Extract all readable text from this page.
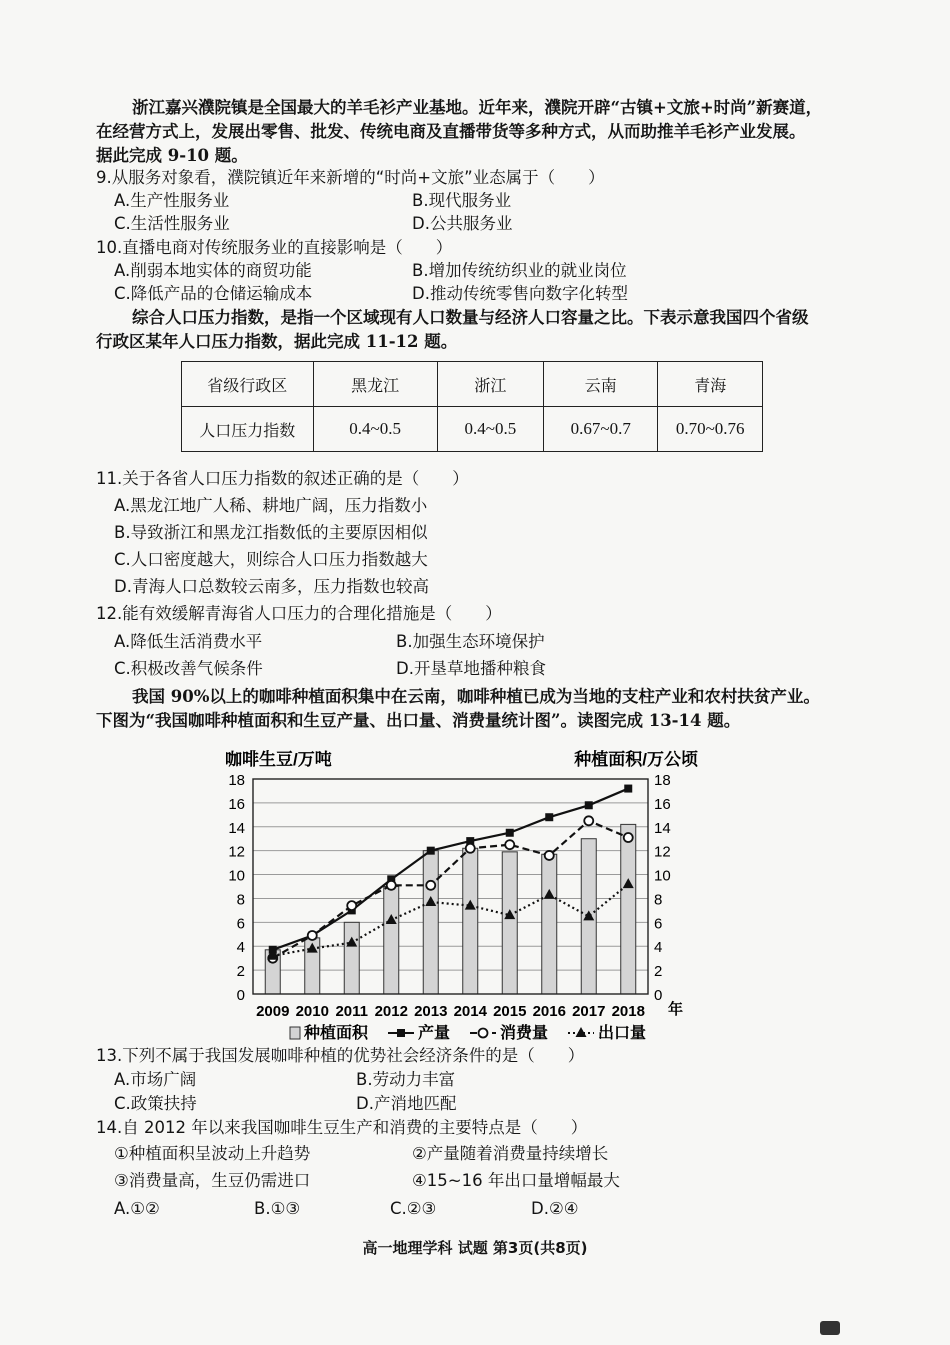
浙江嘉兴濮院镇是全国最大的羊毛衫产业基地。近年来，濮院开辟“古镇+文旅+时尚”新赛道，
在经营方式上，发展出零售、批发、传统电商及直播带货等多种方式，从而助推羊毛衫产业发展。
据此完成 9-10 题。
9.从服务对象看，濮院镇近年来新增的“时尚+文旅”业态属于（　　）
A.生产性服务业	B.现代服务业
C.生活性服务业	D.公共服务业
10.直播电商对传统服务业的直接影响是（　　）
A.削弱本地实体的商贸功能	B.增加传统纺织业的就业岗位
C.降低产品的仓储运输成本	D.推动传统零售向数字化转型
综合人口压力指数，是指一个区域现有人口数量与经济人口容量之比。下表示意我国四个省级
行政区某年人口压力指数，据此完成 11-12 题。
省级行政区	黑龙江	浙江	云南	青海
人口压力指数	0.4~0.5	0.4~0.5	0.67~0.7	0.70~0.76
11.关于各省人口压力指数的叙述正确的是（　　）
A.黑龙江地广人稀、耕地广阔，压力指数小
B.导致浙江和黑龙江指数低的主要原因相似
C.人口密度越大，则综合人口压力指数越大
D.青海人口总数较云南多，压力指数也较高
12.能有效缓解青海省人口压力的合理化措施是（　　）
A.降低生活消费水平	B.加强生态环境保护
C.积极改善气候条件	D.开垦草地播种粮食
我国 90%以上的咖啡种植面积集中在云南，咖啡种植已成为当地的支柱产业和农村扶贫产业。
下图为“我国咖啡种植面积和生豆产量、出口量、消费量统计图”。读图完成 13-14 题。
0	0
2	2
4	4
6	6
8	8
10	10
12	12
14	14
16	16
18	18
2009 2010 2011 2012 2013 2014 2015 2016 2017 2018 年
咖啡生豆/万吨	种植面积/万公顷
种植面积	产量	消费量	出口量
13.下列不属于我国发展咖啡种植的优势社会经济条件的是（　　）
A.市场广阔	B.劳动力丰富
C.政策扶持	D.产消地匹配
14.自 2012 年以来我国咖啡生豆生产和消费的主要特点是（　　）
①种植面积呈波动上升趋势	②产量随着消费量持续增长
③消费量高，生豆仍需进口	④15~16 年出口量增幅最大
A.①②	B.①③	C.②③	D.②④
高一地理学科 试题 第3页(共8页)
